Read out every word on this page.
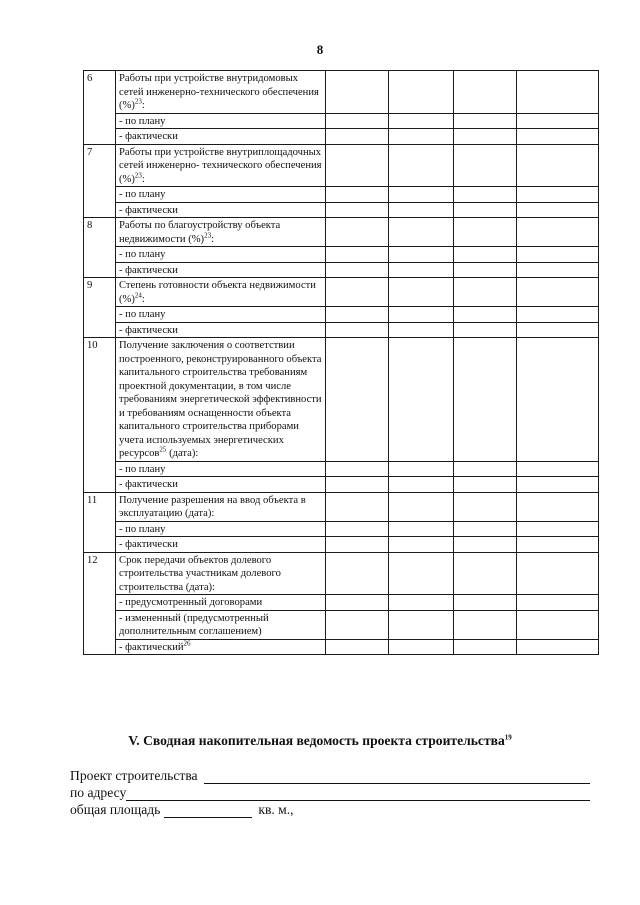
8
6	Работы при устройстве внутридомовых сетей инженерно-технического обеспечения (%)$^{23}$:				
	- по плану				
	- фактически				
7	Работы при устройстве внутриплощадочных сетей инженерно- технического обеспечения (%)$^{23}$:				
	- по плану				
	- фактически				
8	Работы по благоустройству объекта недвижимости (%)$^{23}$:				
	- по плану				
	- фактически				
9	Степень готовности объекта недвижимости (%)$^{24}$:				
	- по плану				
	- фактически				
10	Получение заключения о соответствии построенного, реконструированного объекта капитального строительства требованиям проектной документации, в том числе требованиям энергетической эффективности и требованиям оснащенности объекта капитального строительства приборами учета используемых энергетических ресурсов$^{25}$ (дата):				
	- по плану				
	- фактически				
11	Получение разрешения на ввод объекта в эксплуатацию (дата):				
	- по плану				
	- фактически				
12	Срок передачи объектов долевого строительства участникам долевого строительства (дата):				
	- предусмотренный договорами				
	- измененный (предусмотренный дополнительным соглашением)				
	- фактический$^{26}$				
V. Сводная накопительная ведомость проекта строительства$^{19}$
Проект строительства
по адресу
общая площадь	кв. м.,
